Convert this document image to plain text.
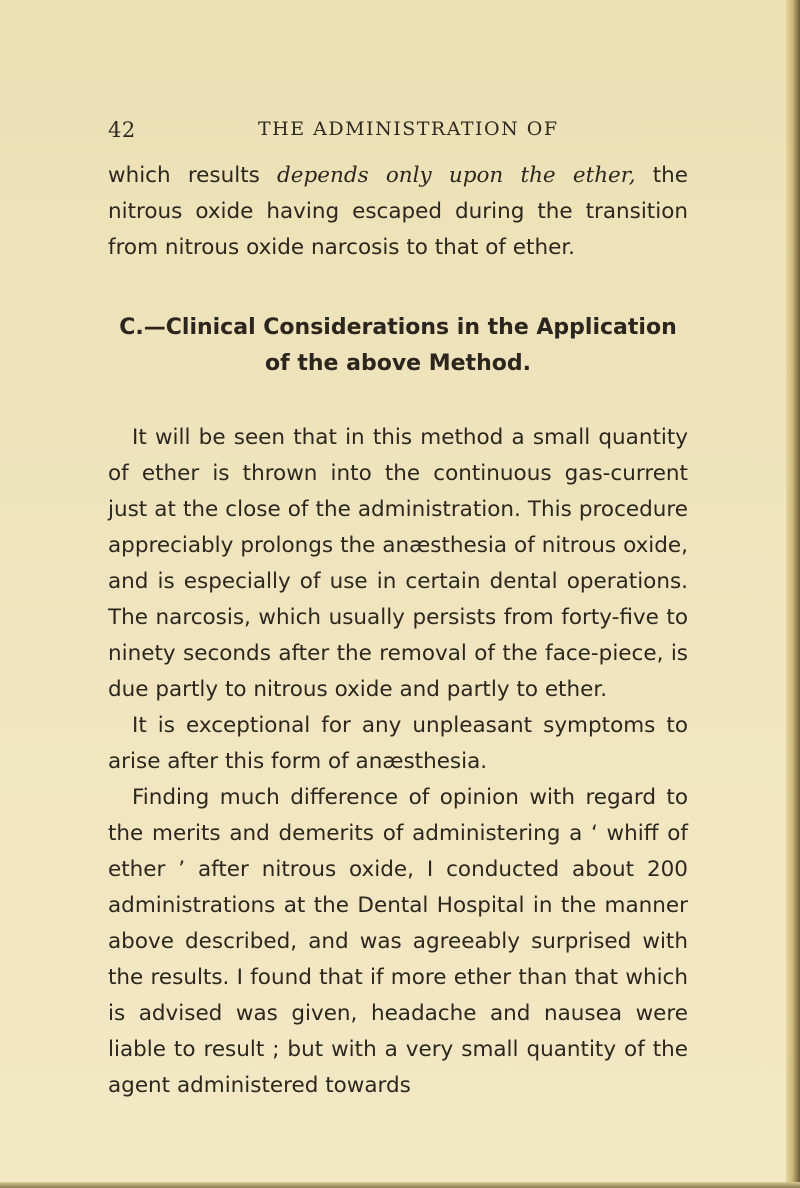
42	THE ADMINISTRATION OF

which results depends only upon the ether, the nitrous oxide having escaped during the transition from nitrous oxide narcosis to that of ether.

C.—Clinical Considerations in the Application
of the above Method.

It will be seen that in this method a small quantity of ether is thrown into the continuous gas-current just at the close of the administration. This procedure appreciably prolongs the anæsthesia of nitrous oxide, and is especially of use in certain dental operations. The narcosis, which usually persists from forty-five to ninety seconds after the removal of the face-piece, is due partly to nitrous oxide and partly to ether.

It is exceptional for any unpleasant symptoms to arise after this form of anæsthesia.

Finding much difference of opinion with regard to the merits and demerits of administering a ‘ whiff of ether ’ after nitrous oxide, I conducted about 200 administrations at the Dental Hospital in the manner above described, and was agreeably surprised with the results. I found that if more ether than that which is advised was given, headache and nausea were liable to result ; but with a very small quantity of the agent administered towards
